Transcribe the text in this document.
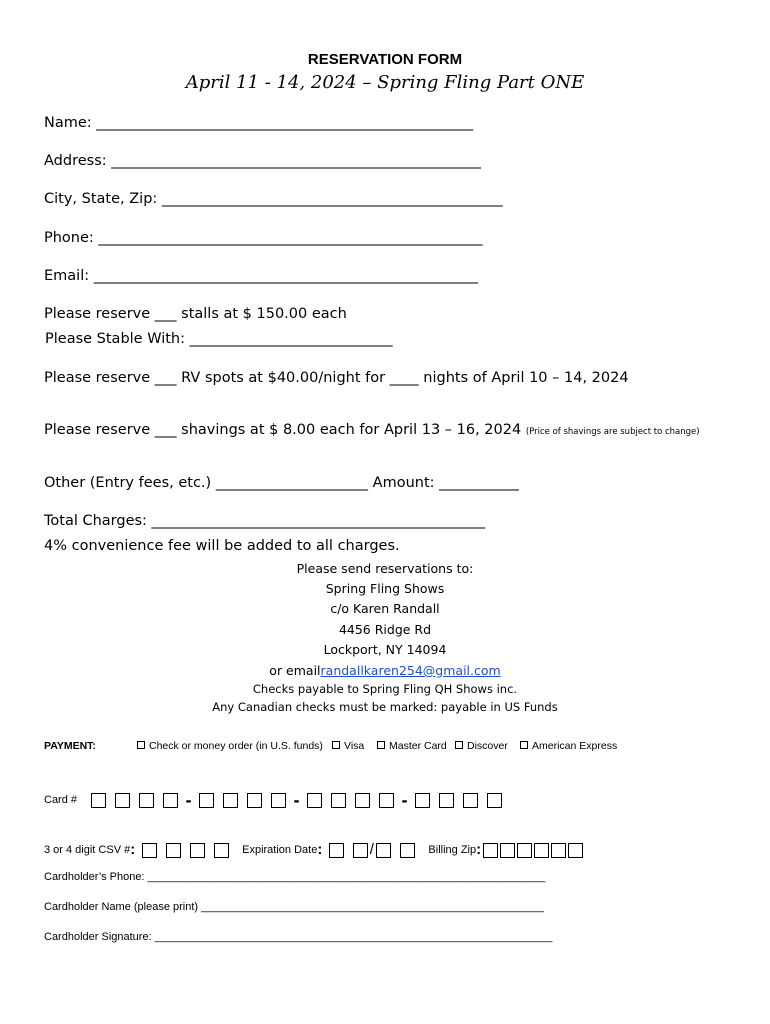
RESERVATION FORM
April 11 - 14, 2024 – Spring Fling Part ONE
Name: ____________________________________________________
Address: ___________________________________________________
City, State, Zip: _______________________________________________
Phone: _____________________________________________________
Email: _____________________________________________________
Please reserve ___ stalls at $ 150.00 each
Please Stable With: ____________________________
Please reserve ___ RV spots at $40.00/night for ____ nights of April 10 – 14, 2024
Please reserve ___ shavings at $ 8.00 each for April 13 – 16, 2024 (Price of shavings are subject to change)
Other (Entry fees, etc.) _____________________ Amount: ___________
Total Charges: ______________________________________________
4% convenience fee will be added to all charges.
Please send reservations to:
Spring Fling Shows
c/o Karen Randall
4456 Ridge Rd
Lockport, NY 14094
or emailrandallkaren254@gmail.com
Checks payable to Spring Fling QH Shows inc.
Any Canadian checks must be marked: payable in US Funds
PAYMENT:	Check or money order (in U.S. funds)	Visa	Master Card	Discover	American Express
Card #	-	-	-
3 or 4 digit CSV #:	Expiration Date:	/	Billing Zip:
Cardholder’s Phone: _________________________________________________________________
Cardholder Name (please print) ________________________________________________________
Cardholder Signature: _________________________________________________________________
